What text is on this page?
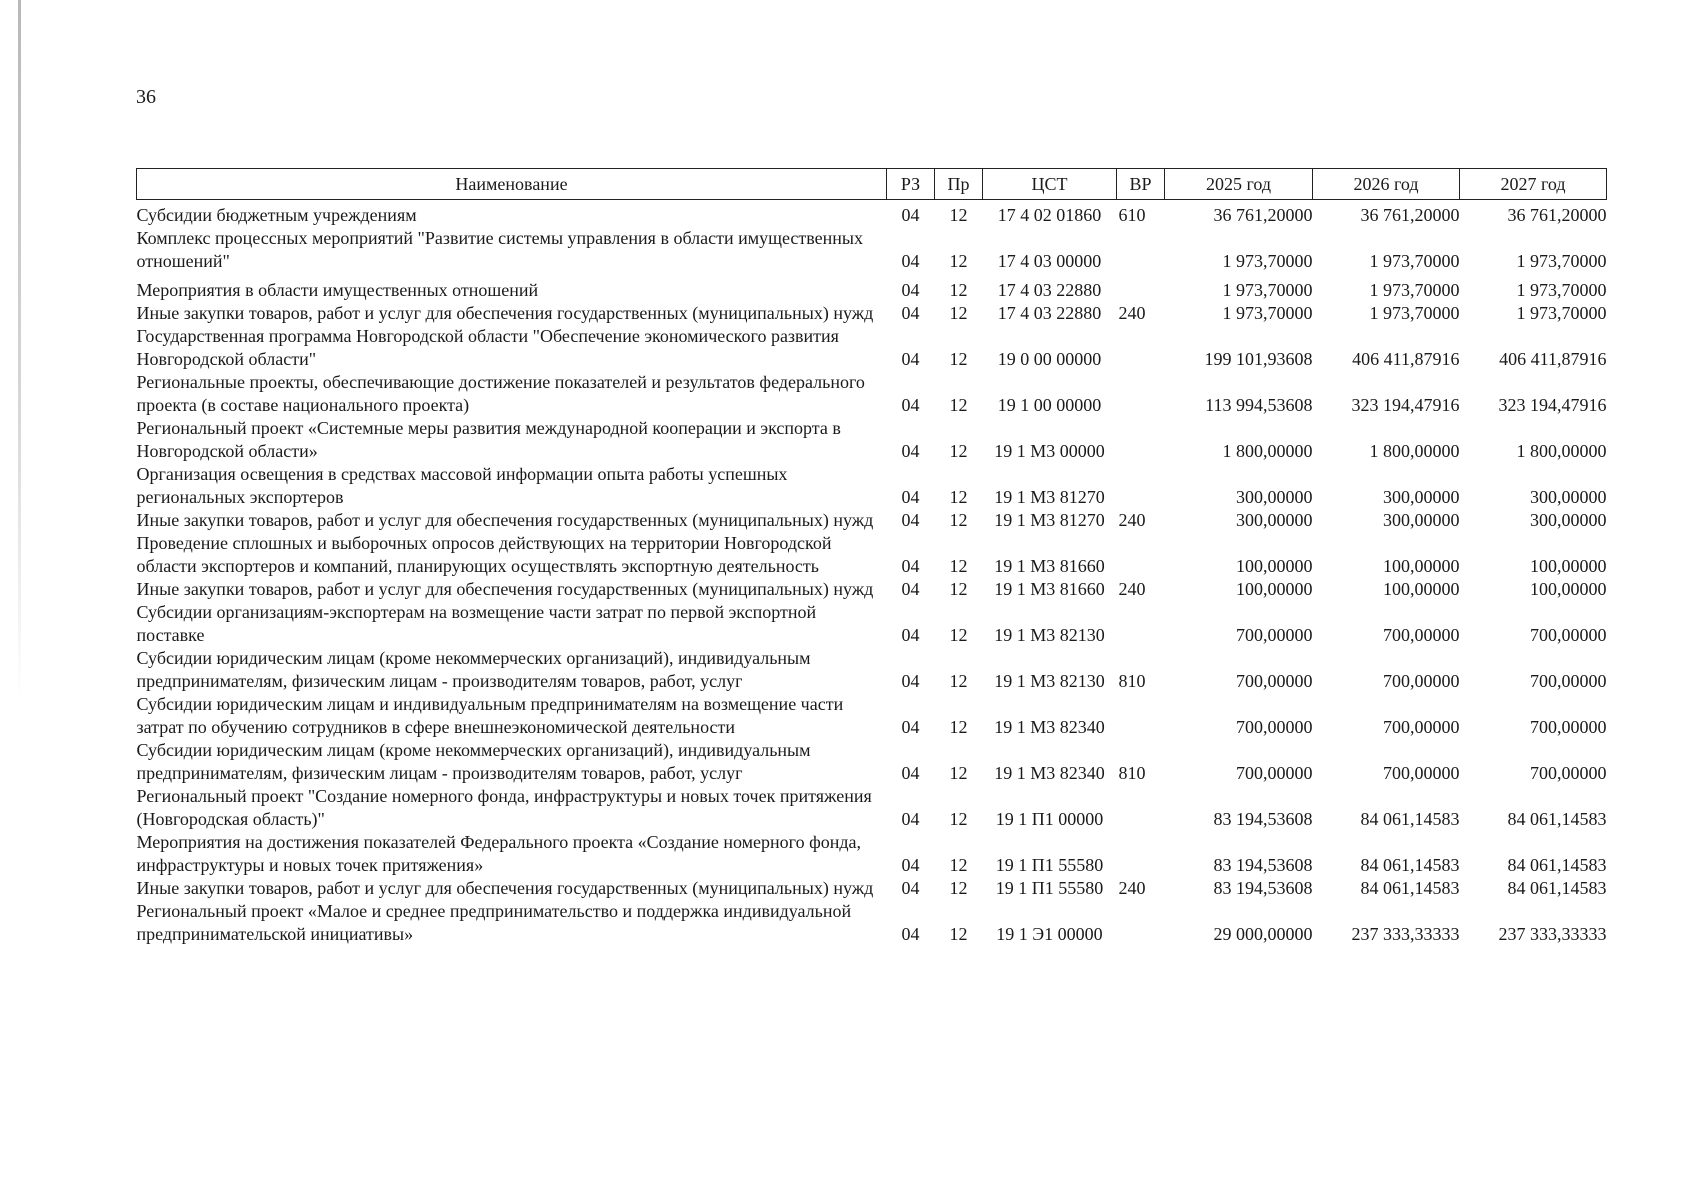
36
Наименование	РЗ	Пр	ЦСТ	ВР	2025 год	2026 год	2027 год
Субсидии бюджетным учреждениям	04	12	17 4 02 01860	610	36 761,20000	36 761,20000	36 761,20000
Комплекс процессных мероприятий "Развитие системы управления в области имущественных отношений"	04	12	17 4 03 00000		1 973,70000	1 973,70000	1 973,70000
Мероприятия в области имущественных отношений	04	12	17 4 03 22880		1 973,70000	1 973,70000	1 973,70000
Иные закупки товаров, работ и услуг для обеспечения государственных (муниципальных) нужд	04	12	17 4 03 22880	240	1 973,70000	1 973,70000	1 973,70000
Государственная программа Новгородской области "Обеспечение экономического развития Новгородской области"	04	12	19 0 00 00000		199 101,93608	406 411,87916	406 411,87916
Региональные проекты, обеспечивающие достижение показателей и результатов федерального проекта (в составе национального проекта)	04	12	19 1 00 00000		113 994,53608	323 194,47916	323 194,47916
Региональный проект «Системные меры развития международной кооперации и экспорта в Новгородской области»	04	12	19 1 М3 00000		1 800,00000	1 800,00000	1 800,00000
Организация освещения в средствах массовой информации опыта работы успешных региональных экспортеров	04	12	19 1 М3 81270		300,00000	300,00000	300,00000
Иные закупки товаров, работ и услуг для обеспечения государственных (муниципальных) нужд	04	12	19 1 М3 81270	240	300,00000	300,00000	300,00000
Проведение сплошных и выборочных опросов действующих на территории Новгородской области экспортеров и компаний, планирующих осуществлять экспортную деятельность	04	12	19 1 М3 81660		100,00000	100,00000	100,00000
Иные закупки товаров, работ и услуг для обеспечения государственных (муниципальных) нужд	04	12	19 1 М3 81660	240	100,00000	100,00000	100,00000
Субсидии организациям-экспортерам на возмещение части затрат по первой экспортной поставке	04	12	19 1 М3 82130		700,00000	700,00000	700,00000
Субсидии юридическим лицам (кроме некоммерческих организаций), индивидуальным предпринимателям, физическим лицам - производителям товаров, работ, услуг	04	12	19 1 М3 82130	810	700,00000	700,00000	700,00000
Субсидии юридическим лицам и индивидуальным предпринимателям на возмещение части затрат по обучению сотрудников в сфере внешнеэкономической деятельности	04	12	19 1 М3 82340		700,00000	700,00000	700,00000
Субсидии юридическим лицам (кроме некоммерческих организаций), индивидуальным предпринимателям, физическим лицам - производителям товаров, работ, услуг	04	12	19 1 М3 82340	810	700,00000	700,00000	700,00000
Региональный проект "Создание номерного фонда, инфраструктуры и новых точек притяжения (Новгородская область)"	04	12	19 1 П1 00000		83 194,53608	84 061,14583	84 061,14583
Мероприятия на достижения показателей Федерального проекта «Создание номерного фонда, инфраструктуры и новых точек притяжения»	04	12	19 1 П1 55580		83 194,53608	84 061,14583	84 061,14583
Иные закупки товаров, работ и услуг для обеспечения государственных (муниципальных) нужд	04	12	19 1 П1 55580	240	83 194,53608	84 061,14583	84 061,14583
Региональный проект «Малое и среднее предпринимательство и поддержка индивидуальной предпринимательской инициативы»	04	12	19 1 Э1 00000		29 000,00000	237 333,33333	237 333,33333
